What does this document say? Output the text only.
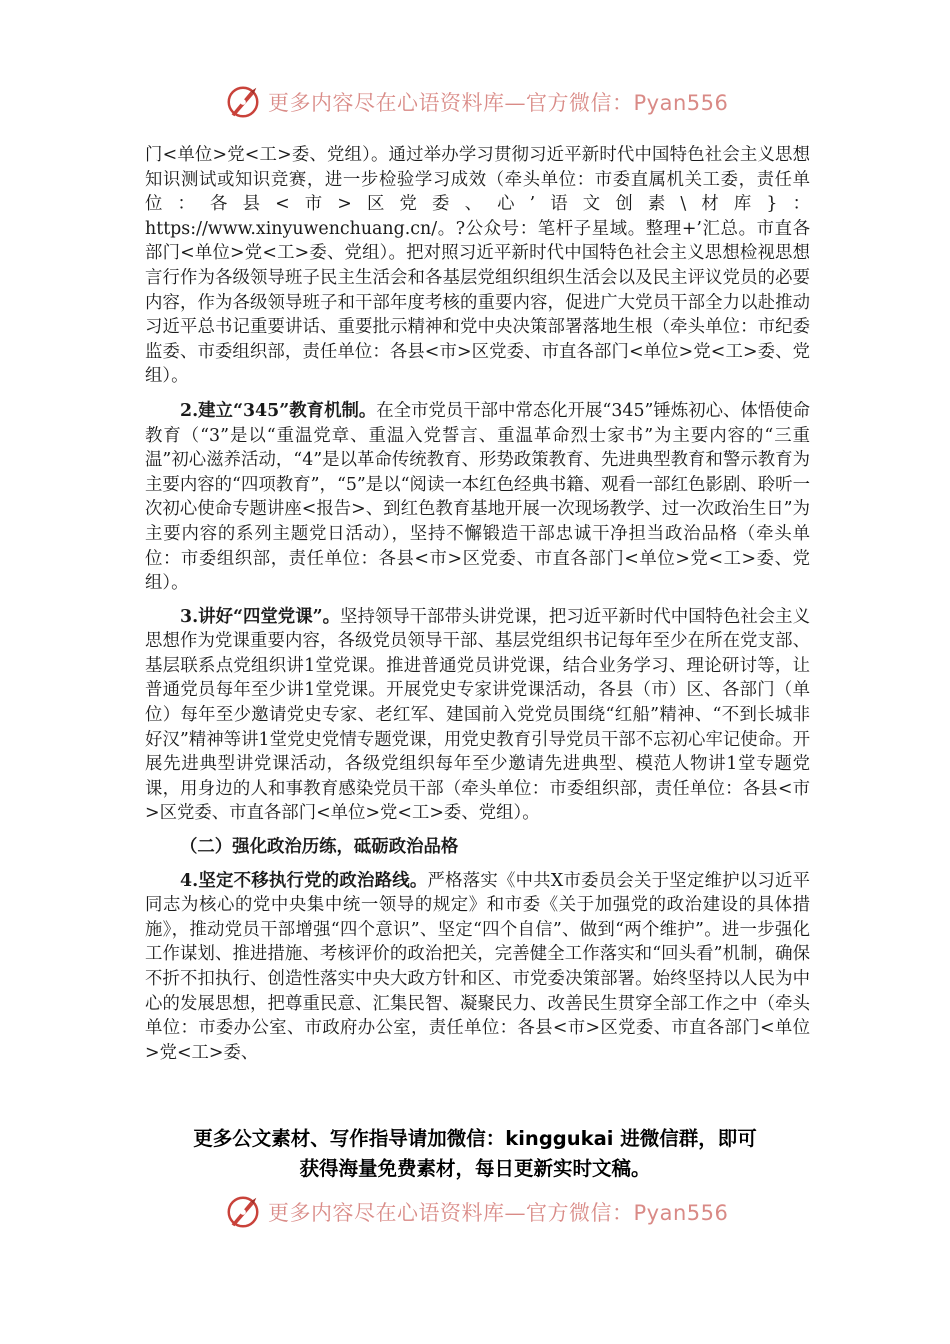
更多内容尽在心语资料库—官方微信：Pyan556

门<单位>党<工>委、党组）。通过举办学习贯彻习近平新时代中国特色社会主义思想知识测试或知识竞赛，进一步检验学习成效（牵头单位：市委直属机关工委，责任单位：各县<市>区党委、心’语文创素\材库}：https://www.xinyuwenchuang.cn/。?公众号：笔杆子星域。整理+’汇总。市直各部门<单位>党<工>委、党组）。把对照习近平新时代中国特色社会主义思想检视思想言行作为各级领导班子民主生活会和各基层党组织组织生活会以及民主评议党员的必要内容，作为各级领导班子和干部年度考核的重要内容，促进广大党员干部全力以赴推动习近平总书记重要讲话、重要批示精神和党中央决策部署落地生根（牵头单位：市纪委监委、市委组织部，责任单位：各县<市>区党委、市直各部门<单位>党<工>委、党组）。

2.建立“345”教育机制。在全市党员干部中常态化开展“345”锤炼初心、体悟使命教育（“3”是以“重温党章、重温入党誓言、重温革命烈士家书”为主要内容的“三重温”初心滋养活动，“4”是以革命传统教育、形势政策教育、先进典型教育和警示教育为主要内容的“四项教育”，“5”是以“阅读一本红色经典书籍、观看一部红色影剧、聆听一次初心使命专题讲座<报告>、到红色教育基地开展一次现场教学、过一次政治生日”为主要内容的系列主题党日活动），坚持不懈锻造干部忠诚干净担当政治品格（牵头单位：市委组织部，责任单位：各县<市>区党委、市直各部门<单位>党<工>委、党组）。

3.讲好“四堂党课”。坚持领导干部带头讲党课，把习近平新时代中国特色社会主义思想作为党课重要内容，各级党员领导干部、基层党组织书记每年至少在所在党支部、基层联系点党组织讲1堂党课。推进普通党员讲党课，结合业务学习、理论研讨等，让普通党员每年至少讲1堂党课。开展党史专家讲党课活动，各县（市）区、各部门（单位）每年至少邀请党史专家、老红军、建国前入党党员围绕“红船”精神、“不到长城非好汉”精神等讲1堂党史党情专题党课，用党史教育引导党员干部不忘初心牢记使命。开展先进典型讲党课活动，各级党组织每年至少邀请先进典型、模范人物讲1堂专题党课，用身边的人和事教育感染党员干部（牵头单位：市委组织部，责任单位：各县<市>区党委、市直各部门<单位>党<工>委、党组）。

（二）强化政治历练，砥砺政治品格

4.坚定不移执行党的政治路线。严格落实《中共X市委员会关于坚定维护以习近平同志为核心的党中央集中统一领导的规定》和市委《关于加强党的政治建设的具体措施》，推动党员干部增强“四个意识”、坚定“四个自信”、做到“两个维护”。进一步强化工作谋划、推进措施、考核评价的政治把关，完善健全工作落实和“回头看”机制，确保不折不扣执行、创造性落实中央大政方针和区、市党委决策部署。始终坚持以人民为中心的发展思想，把尊重民意、汇集民智、凝聚民力、改善民生贯穿全部工作之中（牵头单位：市委办公室、市政府办公室，责任单位：各县<市>区党委、市直各部门<单位>党<工>委、

更多公文素材、写作指导请加微信：kinggukai 进微信群，即可
获得海量免费素材，每日更新实时文稿。
更多内容尽在心语资料库—官方微信：Pyan556
